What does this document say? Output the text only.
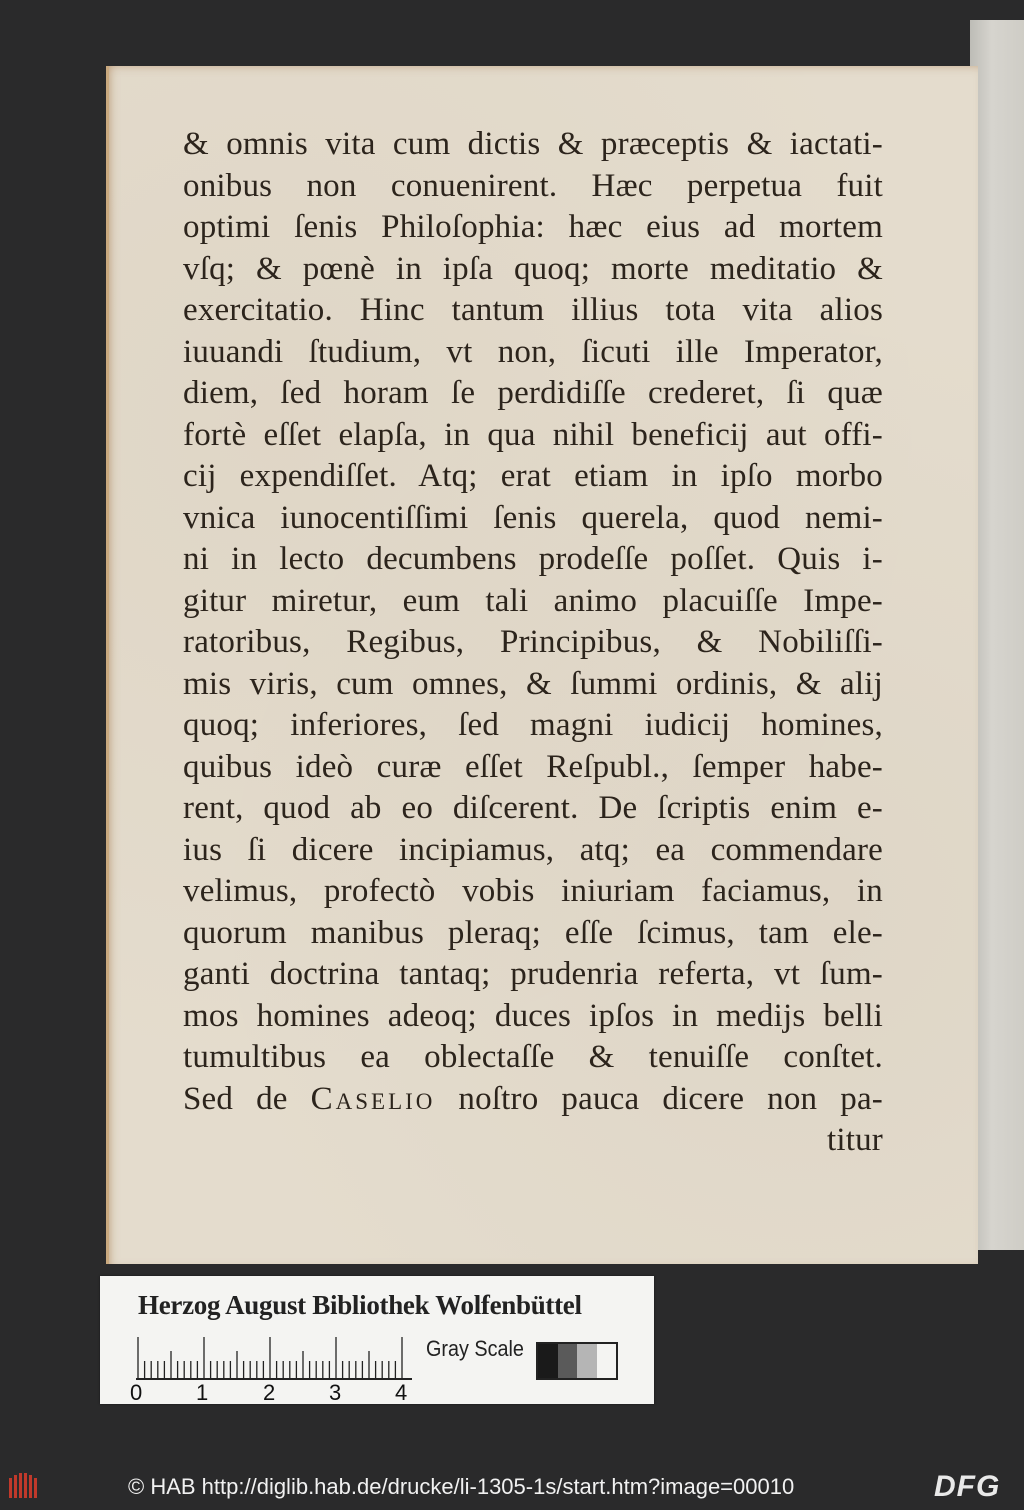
& omnis vita cum dictis & præceptis & iactati-
onibus non conuenirent. Hæc perpetua fuit
optimi ſenis Philoſophia: hæc eius ad mortem
vſq; & pœnè in ipſa quoq; morte meditatio &
exercitatio. Hinc tantum illius tota vita alios
iuuandi ſtudium, vt non, ſicuti ille Imperator,
diem, ſed horam ſe perdidiſſe crederet, ſi quæ
fortè eſſet elapſa, in qua nihil beneficij aut offi-
cij expendiſſet. Atq; erat etiam in ipſo morbo
vnica iunocentiſſimi ſenis querela, quod nemi-
ni in lecto decumbens prodeſſe poſſet. Quis i-
gitur miretur, eum tali animo placuiſſe Impe-
ratoribus, Regibus, Principibus, & Nobiliſſi-
mis viris, cum omnes, & ſummi ordinis, & alij
quoq; inferiores, ſed magni iudicij homines,
quibus ideò curæ eſſet Reſpubl., ſemper habe-
rent, quod ab eo diſcerent. De ſcriptis enim e-
ius ſi dicere incipiamus, atq; ea commendare
velimus, profectò vobis iniuriam faciamus, in
quorum manibus pleraq; eſſe ſcimus, tam ele-
ganti doctrina tantaq; prudenria referta, vt ſum-
mos homines adeoq; duces ipſos in medijs belli
tumultibus ea oblectaſſe & tenuiſſe conſtet.
Sed de Caselio noſtro pauca dicere non pa-
titur
Herzog August Bibliothek Wolfenbüttel
0 1 2 3 4
Gray Scale
© HAB http://diglib.hab.de/drucke/li-1305-1s/start.htm?image=00010	DFG
